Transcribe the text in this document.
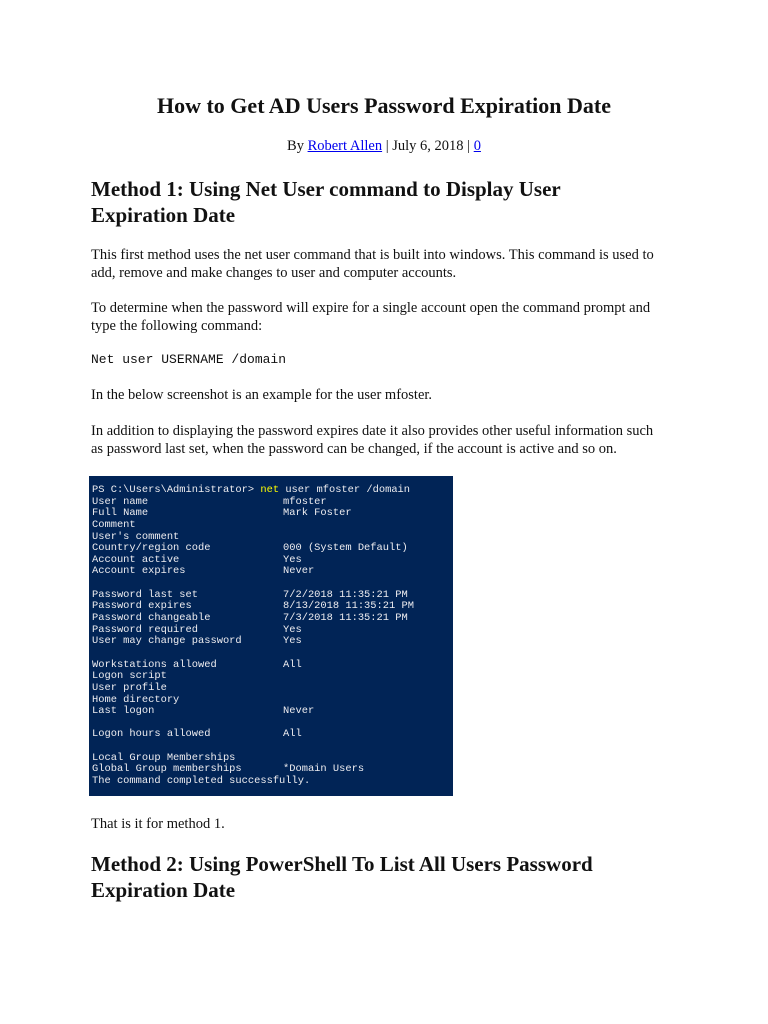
How to Get AD Users Password Expiration Date
By Robert Allen | July 6, 2018 | 0
Method 1: Using Net User command to Display User
Expiration Date

This first method uses the net user command that is built into windows. This command is used to
add, remove and make changes to user and computer accounts.

To determine when the password will expire for a single account open the command prompt and
type the following command:

Net user USERNAME /domain

In the below screenshot is an example for the user mfoster.

In addition to displaying the password expires date it also provides other useful information such
as password last set, when the password can be changed, if the account is active and so on.

PS C:\Users\Administrator> net user mfoster /domain
User name	mfoster
Full Name	Mark Foster
Comment
User's comment
Country/region code	000 (System Default)
Account active	Yes
Account expires	Never
Password last set	7/2/2018 11:35:21 PM
Password expires	8/13/2018 11:35:21 PM
Password changeable	7/3/2018 11:35:21 PM
Password required	Yes
User may change password	Yes
Workstations allowed	All
Logon script
User profile
Home directory
Last logon	Never
Logon hours allowed	All
Local Group Memberships
Global Group memberships	*Domain Users
The command completed successfully.

That is it for method 1.

Method 2: Using PowerShell To List All Users Password
Expiration Date
